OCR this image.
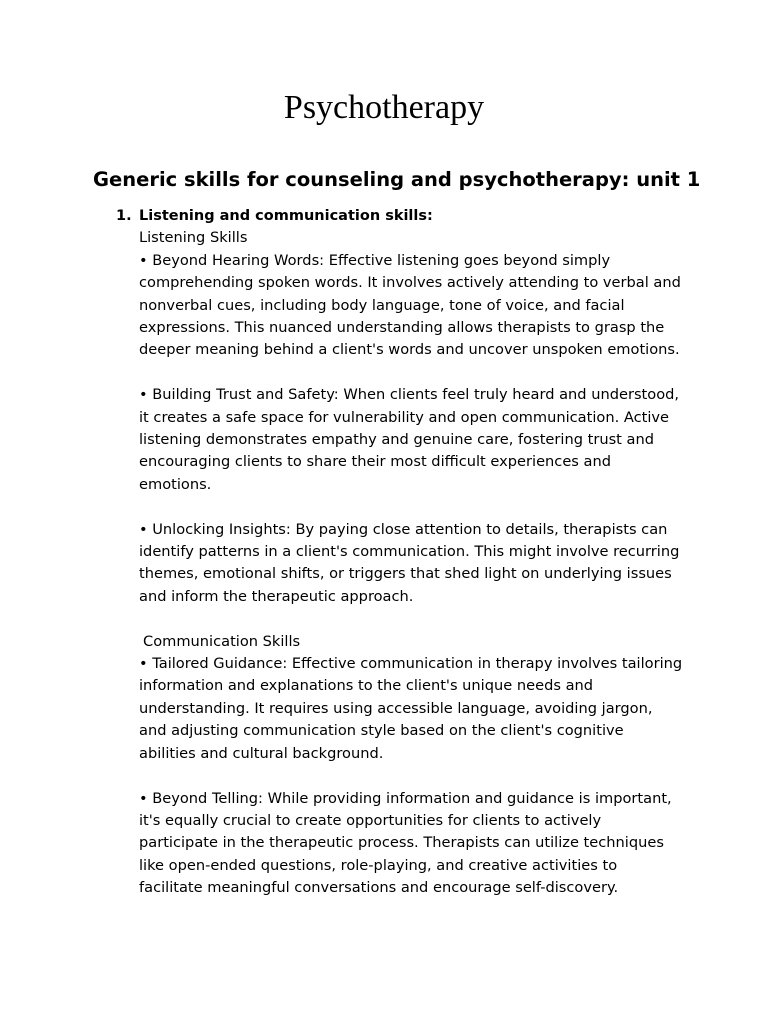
Psychotherapy
Generic skills for counseling and psychotherapy: unit 1
1. Listening and communication skills:

Listening Skills

• Beyond Hearing Words: Effective listening goes beyond simply comprehending spoken words. It involves actively attending to verbal and nonverbal cues, including body language, tone of voice, and facial expressions. This nuanced understanding allows therapists to grasp the deeper meaning behind a client's words and uncover unspoken emotions.

• Building Trust and Safety: When clients feel truly heard and understood, it creates a safe space for vulnerability and open communication. Active listening demonstrates empathy and genuine care, fostering trust and encouraging clients to share their most difficult experiences and emotions.

• Unlocking Insights: By paying close attention to details, therapists can identify patterns in a client's communication. This might involve recurring themes, emotional shifts, or triggers that shed light on underlying issues and inform the therapeutic approach.

Communication Skills

• Tailored Guidance: Effective communication in therapy involves tailoring information and explanations to the client's unique needs and understanding. It requires using accessible language, avoiding jargon, and adjusting communication style based on the client's cognitive abilities and cultural background.

• Beyond Telling: While providing information and guidance is important, it's equally crucial to create opportunities for clients to actively participate in the therapeutic process. Therapists can utilize techniques like open-ended questions, role-playing, and creative activities to facilitate meaningful conversations and encourage self-discovery.
